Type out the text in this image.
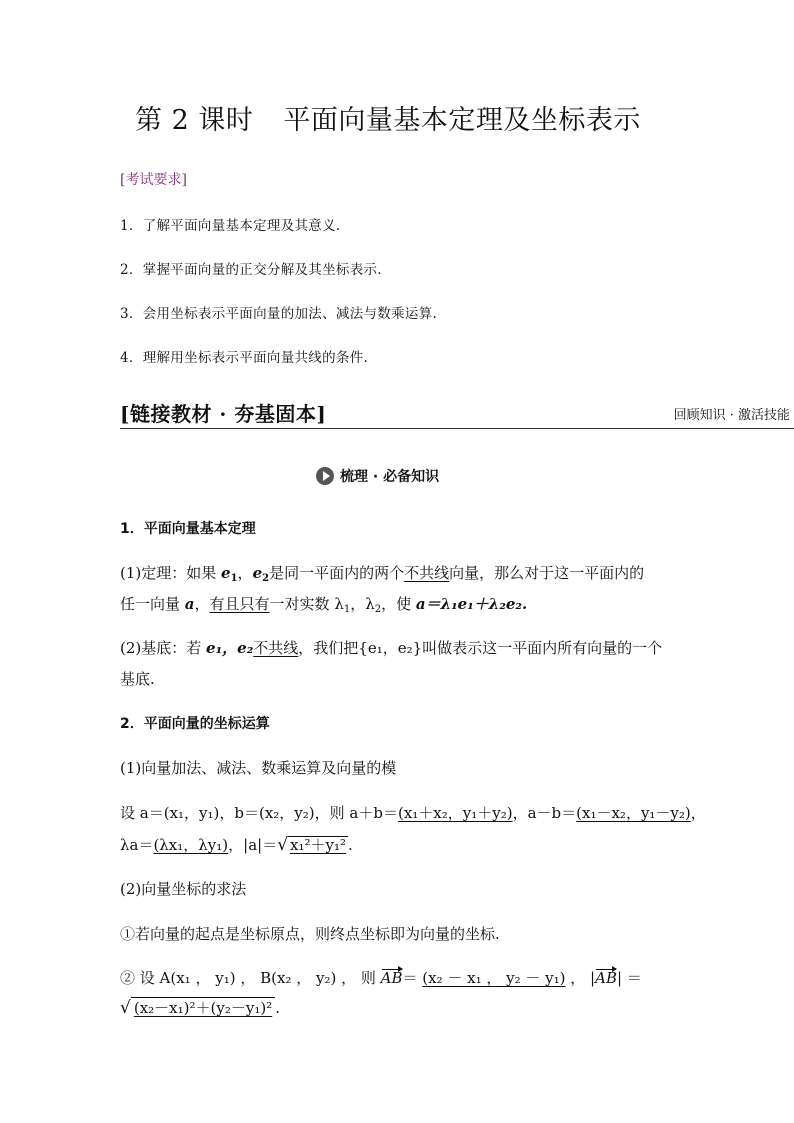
第 2 课时 平面向量基本定理及坐标表示
[考试要求]
1．了解平面向量基本定理及其意义.
2．掌握平面向量的正交分解及其坐标表示.
3．会用坐标表示平面向量的加法、减法与数乘运算.
4．理解用坐标表示平面向量共线的条件.
[链接教材 · 夯基固本]	回顾知识 · 激活技能
梳理 · 必备知识
1．平面向量基本定理
(1)定理：如果 $e_1$，$e_2$是同一平面内的两个不共线向量，那么对于这一平面内的
任一向量 a，有且只有一对实数 $\lambda_1$，$\lambda_2$，使 a＝λ₁e₁＋λ₂e₂.
(2)基底：若 e₁，e₂不共线，我们把{e₁，e₂}叫做表示这一平面内所有向量的一个
基底.
2．平面向量的坐标运算
(1)向量加法、减法、数乘运算及向量的模
设 a＝(x₁，y₁)，b＝(x₂，y₂)，则 a＋b＝(x₁＋x₂，y₁＋y₂)，a－b＝(x₁－x₂，y₁－y₂)，
λa＝(λx₁，λy₁)，|a|＝√ x₁²＋y₁² .
(2)向量坐标的求法
①若向量的起点是坐标原点，则终点坐标即为向量的坐标.
② 设 A(x₁ ， y₁) ， B(x₂ ， y₂) ， 则 AB＝ (x₂ － x₁ ， y₂ － y₁) ， |AB| ＝
√ (x₂－x₁)²＋(y₂－y₁)² .
